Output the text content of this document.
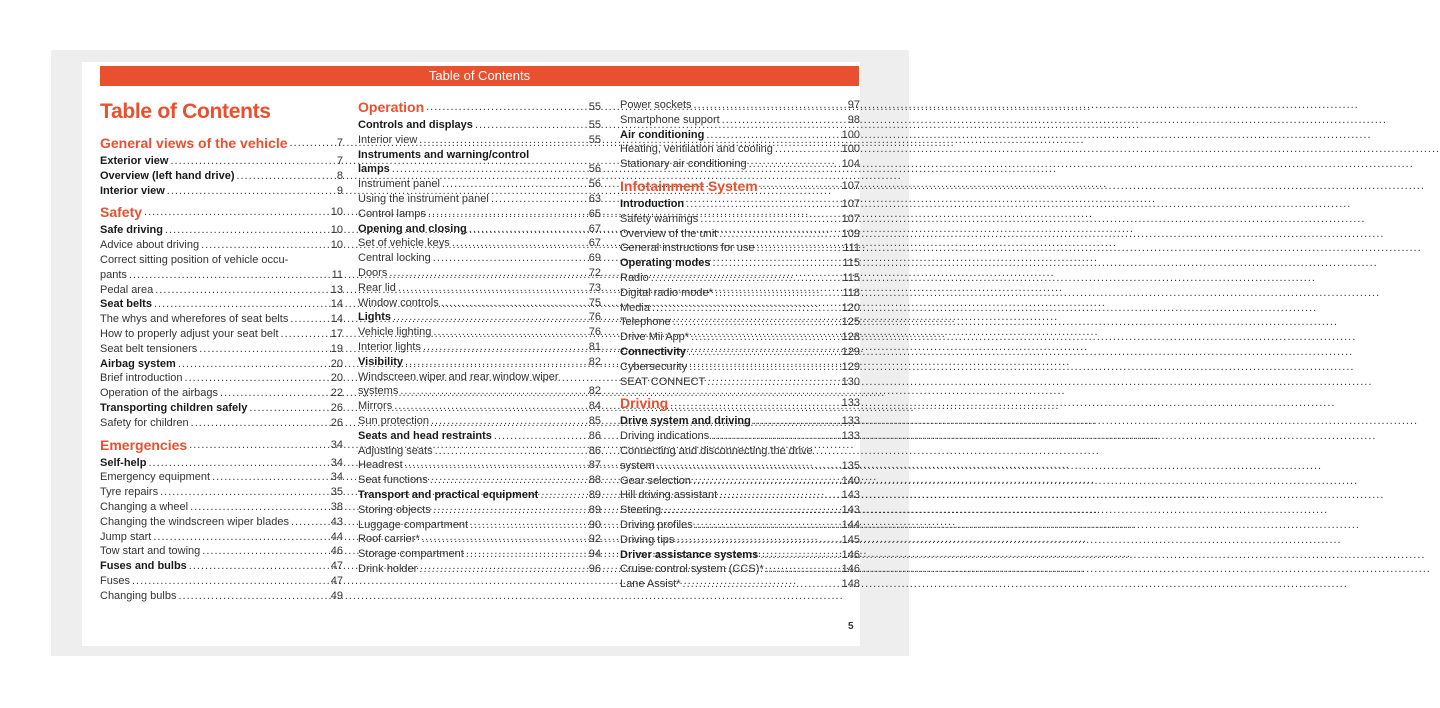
Table of Contents
Table of Contents
General views of the vehicle .....	7
Exterior view .....	7
Overview (left hand drive) .....	8
Interior view .....	9
Safety .....	10
Safe driving .....	10
Advice about driving .....	10
Correct sitting position of vehicle occu-
pants .....	11
Pedal area .....	13
Seat belts .....	14
The whys and wherefores of seat belts .....	14
How to properly adjust your seat belt .....	17
Seat belt tensioners .....	19
Airbag system .....	20
Brief introduction .....	20
Operation of the airbags .....	22
Transporting children safely .....	26
Safety for children .....	26
Emergencies .....	34
Self-help .....	34
Emergency equipment .....	34
Tyre repairs .....	35
Changing a wheel .....	38
Changing the windscreen wiper blades .....	43
Jump start .....	44
Tow start and towing .....	46
Fuses and bulbs .....	47
Fuses .....	47
Changing bulbs .....	49
Operation .....	55
Controls and displays .....	55
Interior view .....	55
Instruments and warning/control
lamps .....	56
Instrument panel .....	56
Using the instrument panel .....	63
Control lamps .....	65
Opening and closing .....	67
Set of vehicle keys .....	67
Central locking .....	69
Doors .....	72
Rear lid .....	73
Window controls .....	75
Lights .....	76
Vehicle lighting .....	76
Interior lights .....	81
Visibility .....	82
Windscreen wiper and rear window wiper
systems .....	82
Mirrors .....	84
Sun protection .....	85
Seats and head restraints .....	86
Adjusting seats .....	86
Headrest .....	87
Seat functions .....	88
Transport and practical equipment .....	89
Storing objects .....	89
Luggage compartment .....	90
Roof carrier* .....	92
Storage compartment .....	94
Drink holder .....	96
Power sockets .....	97
Smartphone support .....	98
Air conditioning .....	100
Heating, ventilation and cooling .....	100
Stationary air conditioning .....	104
Infotainment System .....	107
Introduction .....	107
Safety warnings .....	107
Overview of the unit .....	109
General instructions for use .....	111
Operating modes .....	115
Radio .....	115
Digital radio mode* .....	118
Media .....	120
Telephone .....	125
Drive Mii App* .....	128
Connectivity .....	129
Cybersecurity .....	129
SEAT CONNECT .....	130
Driving .....	133
Drive system and driving .....	133
Driving indications .....	133
Connecting and disconnecting the drive
system .....	135
Gear selection .....	140
Hill driving assistant .....	143
Steering .....	143
Driving profiles .....	144
Driving tips .....	145
Driver assistance systems .....	146
Cruise control system (CCS)* .....	146
Lane Assist* .....	148
5
